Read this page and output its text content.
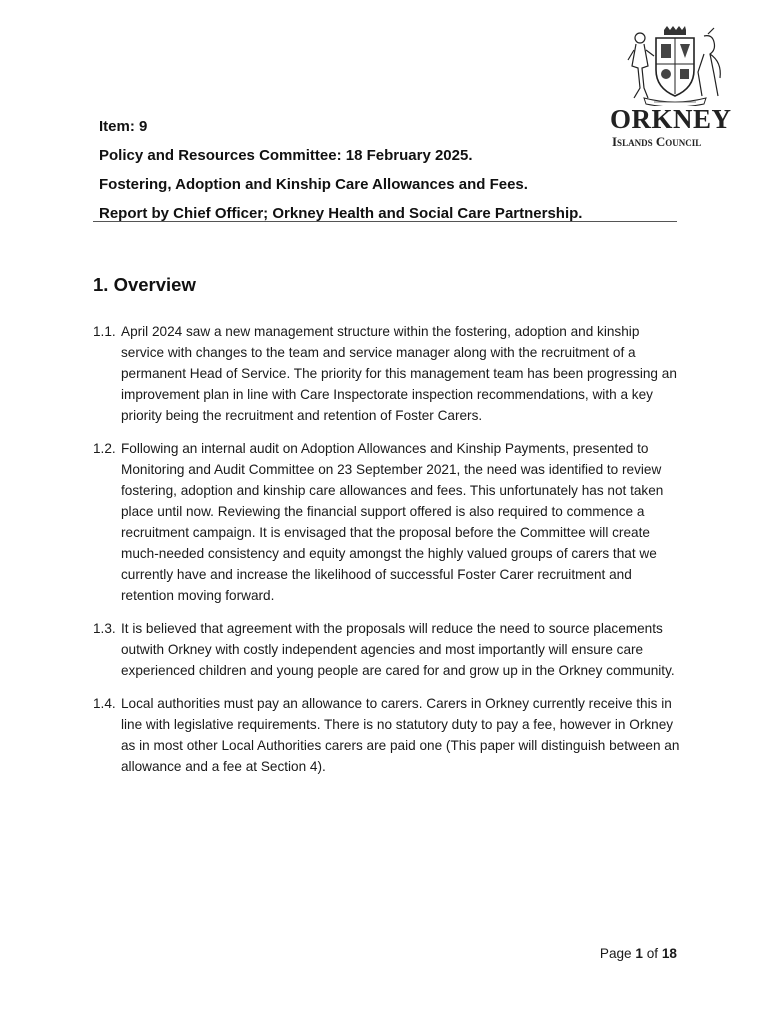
ORKNEY
Islands Council
Item: 9
Policy and Resources Committee: 18 February 2025.
Fostering, Adoption and Kinship Care Allowances and Fees.
Report by Chief Officer; Orkney Health and Social Care Partnership.
1. Overview
1.1. April 2024 saw a new management structure within the fostering, adoption and kinship service with changes to the team and service manager along with the recruitment of a permanent Head of Service. The priority for this management team has been progressing an improvement plan in line with Care Inspectorate inspection recommendations, with a key priority being the recruitment and retention of Foster Carers.
1.2. Following an internal audit on Adoption Allowances and Kinship Payments, presented to Monitoring and Audit Committee on 23 September 2021, the need was identified to review fostering, adoption and kinship care allowances and fees. This unfortunately has not taken place until now. Reviewing the financial support offered is also required to commence a recruitment campaign. It is envisaged that the proposal before the Committee will create much-needed consistency and equity amongst the highly valued groups of carers that we currently have and increase the likelihood of successful Foster Carer recruitment and retention moving forward.
1.3. It is believed that agreement with the proposals will reduce the need to source placements outwith Orkney with costly independent agencies and most importantly will ensure care experienced children and young people are cared for and grow up in the Orkney community.
1.4. Local authorities must pay an allowance to carers. Carers in Orkney currently receive this in line with legislative requirements. There is no statutory duty to pay a fee, however in Orkney as in most other Local Authorities carers are paid one (This paper will distinguish between an allowance and a fee at Section 4).
Page 1 of 18
